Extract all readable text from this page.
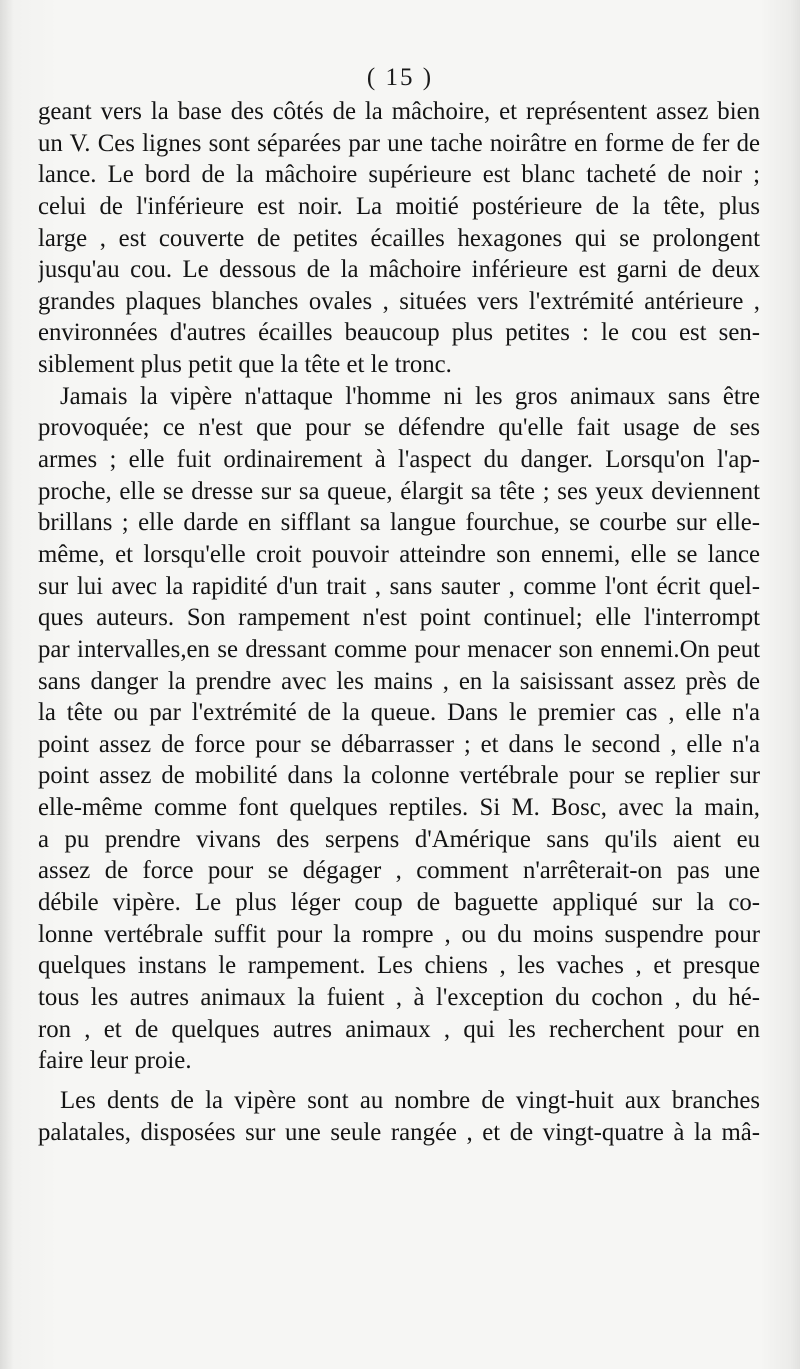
( 15 )
geant vers la base des côtés de la mâchoire, et représentent assez bien
un V. Ces lignes sont séparées par une tache noirâtre en forme de fer de
lance. Le bord de la mâchoire supérieure est blanc tacheté de noir ;
celui de l'inférieure est noir. La moitié postérieure de la tête, plus
large , est couverte de petites écailles hexagones qui se prolongent
jusqu'au cou. Le dessous de la mâchoire inférieure est garni de deux
grandes plaques blanches ovales , situées vers l'extrémité antérieure ,
environnées d'autres écailles beaucoup plus petites : le cou est sen-
siblement plus petit que la tête et le tronc.
Jamais la vipère n'attaque l'homme ni les gros animaux sans être
provoquée; ce n'est que pour se défendre qu'elle fait usage de ses
armes ; elle fuit ordinairement à l'aspect du danger. Lorsqu'on l'ap-
proche, elle se dresse sur sa queue, élargit sa tête ; ses yeux deviennent
brillans ; elle darde en sifflant sa langue fourchue, se courbe sur elle-
même, et lorsqu'elle croit pouvoir atteindre son ennemi, elle se lance
sur lui avec la rapidité d'un trait , sans sauter , comme l'ont écrit quel-
ques auteurs. Son rampement n'est point continuel; elle l'interrompt
par intervalles,en se dressant comme pour menacer son ennemi.On peut
sans danger la prendre avec les mains , en la saisissant assez près de
la tête ou par l'extrémité de la queue. Dans le premier cas , elle n'a
point assez de force pour se débarrasser ; et dans le second , elle n'a
point assez de mobilité dans la colonne vertébrale pour se replier sur
elle-même comme font quelques reptiles. Si M. Bosc, avec la main,
a pu prendre vivans des serpens d'Amérique sans qu'ils aient eu
assez de force pour se dégager , comment n'arrêterait-on pas une
débile vipère. Le plus léger coup de baguette appliqué sur la co-
lonne vertébrale suffit pour la rompre , ou du moins suspendre pour
quelques instans le rampement. Les chiens , les vaches , et presque
tous les autres animaux la fuient , à l'exception du cochon , du hé-
ron , et de quelques autres animaux , qui les recherchent pour en
faire leur proie.
Les dents de la vipère sont au nombre de vingt-huit aux branches
palatales, disposées sur une seule rangée , et de vingt-quatre à la mâ-
